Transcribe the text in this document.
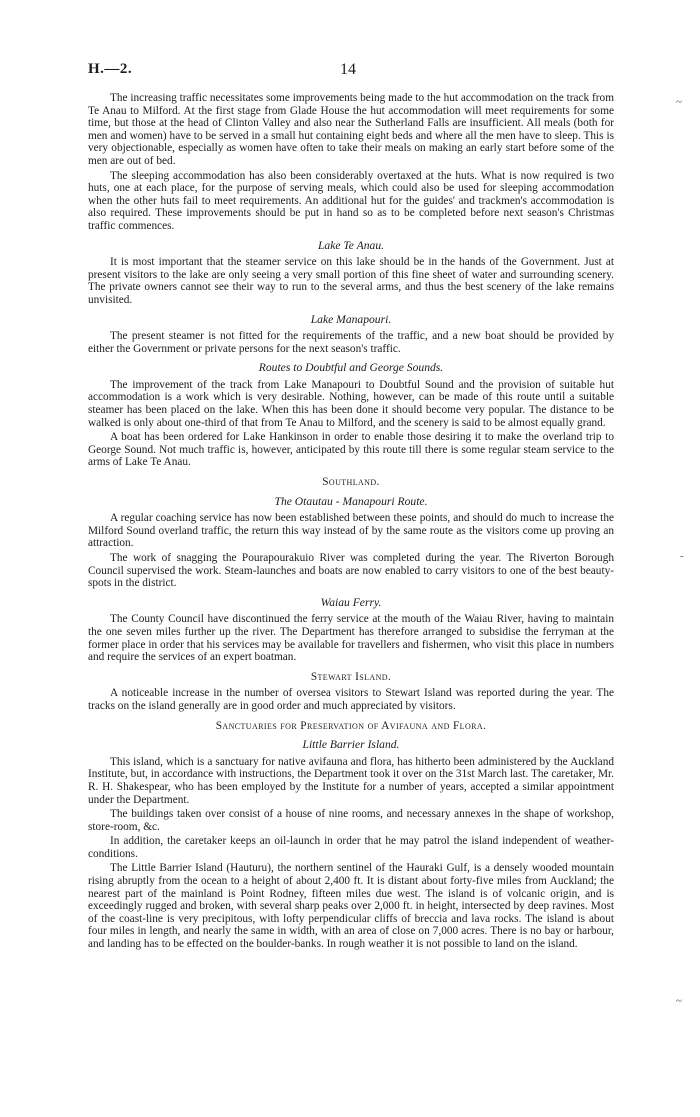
H.—2.	14
~
-
~

The increasing traffic necessitates some improvements being made to the hut accommodation on the track from Te Anau to Milford. At the first stage from Glade House the hut accommodation will meet requirements for some time, but those at the head of Clinton Valley and also near the Sutherland Falls are insufficient. All meals (both for men and women) have to be served in a small hut containing eight beds and where all the men have to sleep. This is very objectionable, especially as women have often to take their meals on making an early start before some of the men are out of bed.

The sleeping accommodation has also been considerably overtaxed at the huts. What is now required is two huts, one at each place, for the purpose of serving meals, which could also be used for sleeping accommodation when the other huts fail to meet requirements. An additional hut for the guides' and trackmen's accommodation is also required. These improvements should be put in hand so as to be completed before next season's Christmas traffic commences.

Lake Te Anau.

It is most important that the steamer service on this lake should be in the hands of the Government. Just at present visitors to the lake are only seeing a very small portion of this fine sheet of water and surrounding scenery. The private owners cannot see their way to run to the several arms, and thus the best scenery of the lake remains unvisited.

Lake Manapouri.

The present steamer is not fitted for the requirements of the traffic, and a new boat should be provided by either the Government or private persons for the next season's traffic.

Routes to Doubtful and George Sounds.

The improvement of the track from Lake Manapouri to Doubtful Sound and the provision of suitable hut accommodation is a work which is very desirable. Nothing, however, can be made of this route until a suitable steamer has been placed on the lake. When this has been done it should become very popular. The distance to be walked is only about one-third of that from Te Anau to Milford, and the scenery is said to be almost equally grand.

A boat has been ordered for Lake Hankinson in order to enable those desiring it to make the overland trip to George Sound. Not much traffic is, however, anticipated by this route till there is some regular steam service to the arms of Lake Te Anau.

Southland.
The Otautau - Manapouri Route.

A regular coaching service has now been established between these points, and should do much to increase the Milford Sound overland traffic, the return this way instead of by the same route as the visitors come up proving an attraction.

The work of snagging the Pourapourakuio River was completed during the year. The Riverton Borough Council supervised the work. Steam-launches and boats are now enabled to carry visitors to one of the best beauty-spots in the district.

Waiau Ferry.

The County Council have discontinued the ferry service at the mouth of the Waiau River, having to maintain the one seven miles further up the river. The Department has therefore arranged to subsidise the ferryman at the former place in order that his services may be available for travellers and fishermen, who visit this place in numbers and require the services of an expert boatman.

Stewart Island.

A noticeable increase in the number of oversea visitors to Stewart Island was reported during the year. The tracks on the island generally are in good order and much appreciated by visitors.

Sanctuaries for Preservation of Avifauna and Flora.
Little Barrier Island.

This island, which is a sanctuary for native avifauna and flora, has hitherto been administered by the Auckland Institute, but, in accordance with instructions, the Department took it over on the 31st March last. The caretaker, Mr. R. H. Shakespear, who has been employed by the Institute for a number of years, accepted a similar appointment under the Department.

The buildings taken over consist of a house of nine rooms, and necessary annexes in the shape of workshop, store-room, &c.

In addition, the caretaker keeps an oil-launch in order that he may patrol the island independent of weather-conditions.

The Little Barrier Island (Hauturu), the northern sentinel of the Hauraki Gulf, is a densely wooded mountain rising abruptly from the ocean to a height of about 2,400 ft. It is distant about forty-five miles from Auckland; the nearest part of the mainland is Point Rodney, fifteen miles due west. The island is of volcanic origin, and is exceedingly rugged and broken, with several sharp peaks over 2,000 ft. in height, intersected by deep ravines. Most of the coast-line is very precipitous, with lofty perpendicular cliffs of breccia and lava rocks. The island is about four miles in length, and nearly the same in width, with an area of close on 7,000 acres. There is no bay or harbour, and landing has to be effected on the boulder-banks. In rough weather it is not possible to land on the island.
